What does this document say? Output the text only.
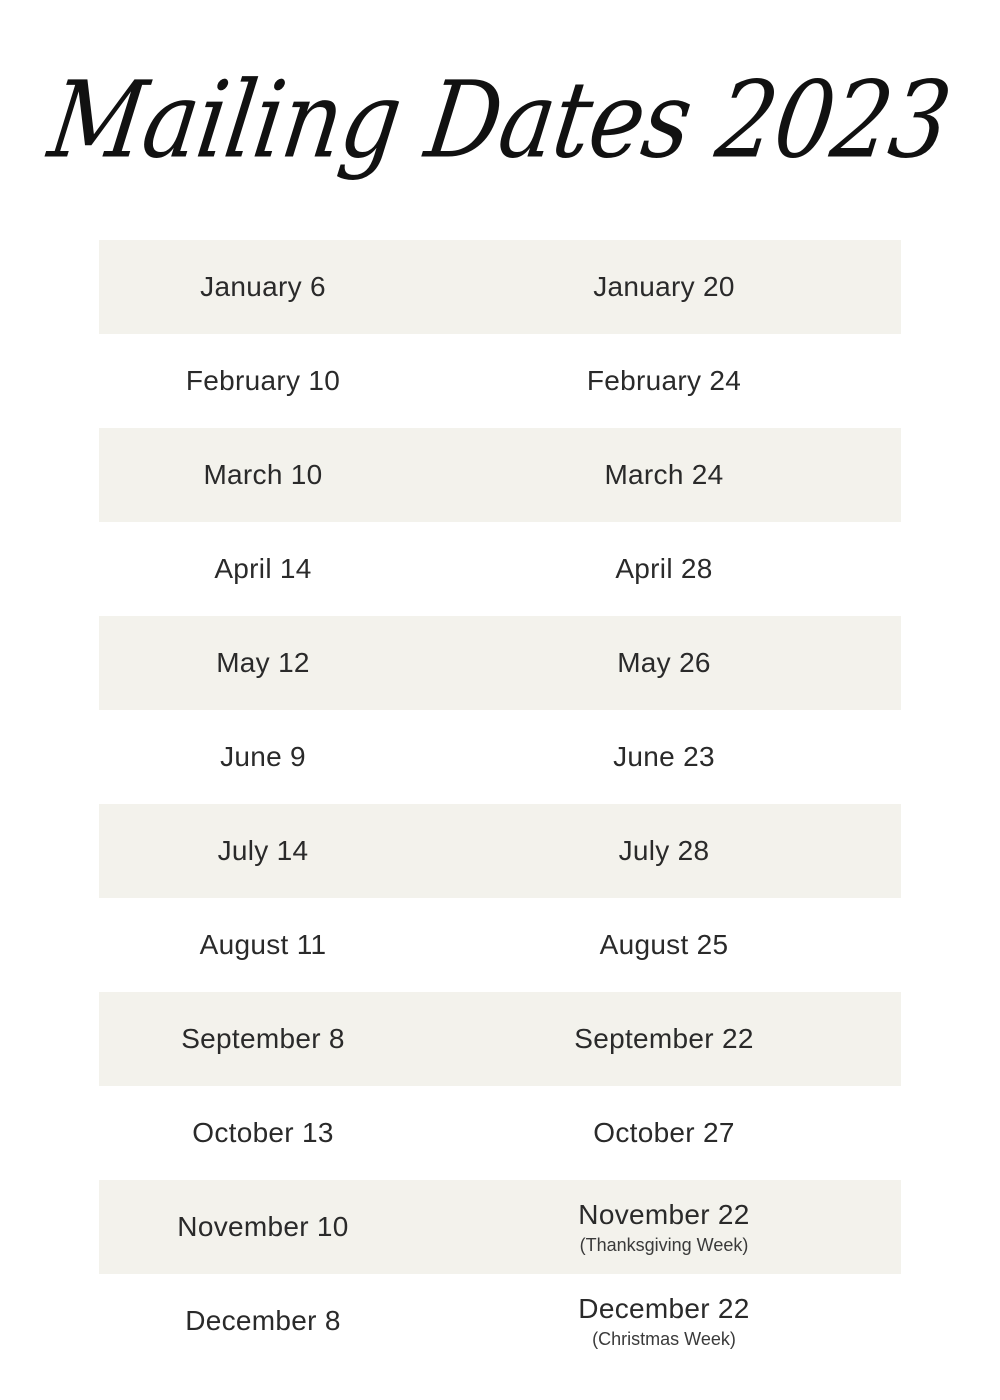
Mailing Dates 2023
January 6	January 20
February 10	February 24
March 10	March 24
April 14	April 28
May 12	May 26
June 9	June 23
July 14	July 28
August 11	August 25
September 8	September 22
October 13	October 27
November 10	November 22
(Thanksgiving Week)
December 8	December 22
(Christmas Week)
